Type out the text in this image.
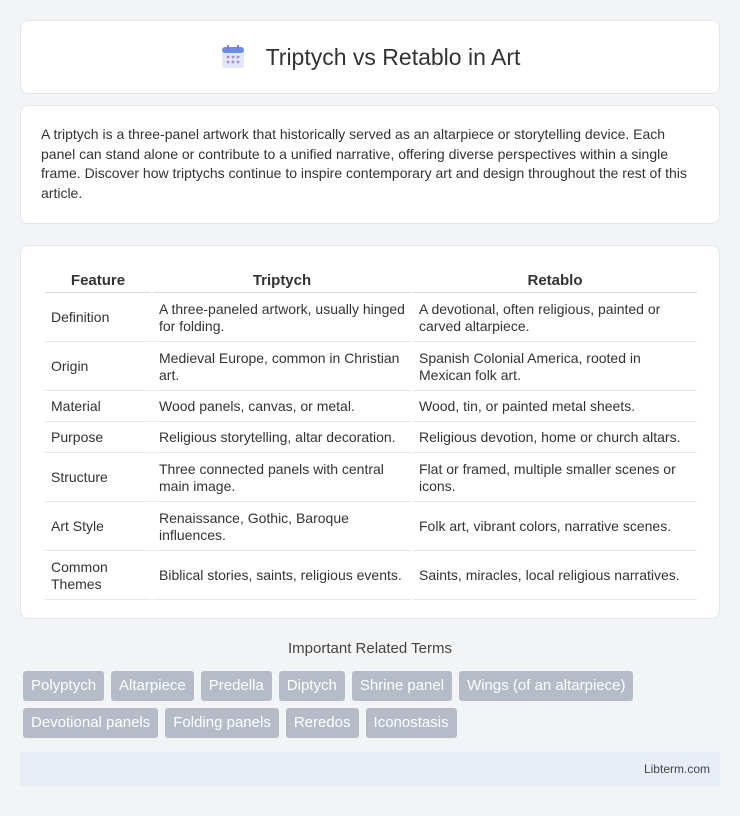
Triptych vs Retablo in Art

A triptych is a three-panel artwork that historically served as an altarpiece or storytelling device. Each panel can stand alone or contribute to a unified narrative, offering diverse perspectives within a single frame. Discover how triptychs continue to inspire contemporary art and design throughout the rest of this article.

Feature	Triptych	Retablo
Definition	A three-paneled artwork, usually hinged for folding.	A devotional, often religious, painted or carved altarpiece.
Origin	Medieval Europe, common in Christian art.	Spanish Colonial America, rooted in Mexican folk art.
Material	Wood panels, canvas, or metal.	Wood, tin, or painted metal sheets.
Purpose	Religious storytelling, altar decoration.	Religious devotion, home or church altars.
Structure	Three connected panels with central main image.	Flat or framed, multiple smaller scenes or icons.
Art Style	Renaissance, Gothic, Baroque influences.	Folk art, vibrant colors, narrative scenes.
Common Themes	Biblical stories, saints, religious events.	Saints, miracles, local religious narratives.
Important Related Terms
Polyptych	Altarpiece	Predella	Diptych	Shrine panel	Wings (of an altarpiece)
Devotional panels	Folding panels	Reredos	Iconostasis
Libterm.com
